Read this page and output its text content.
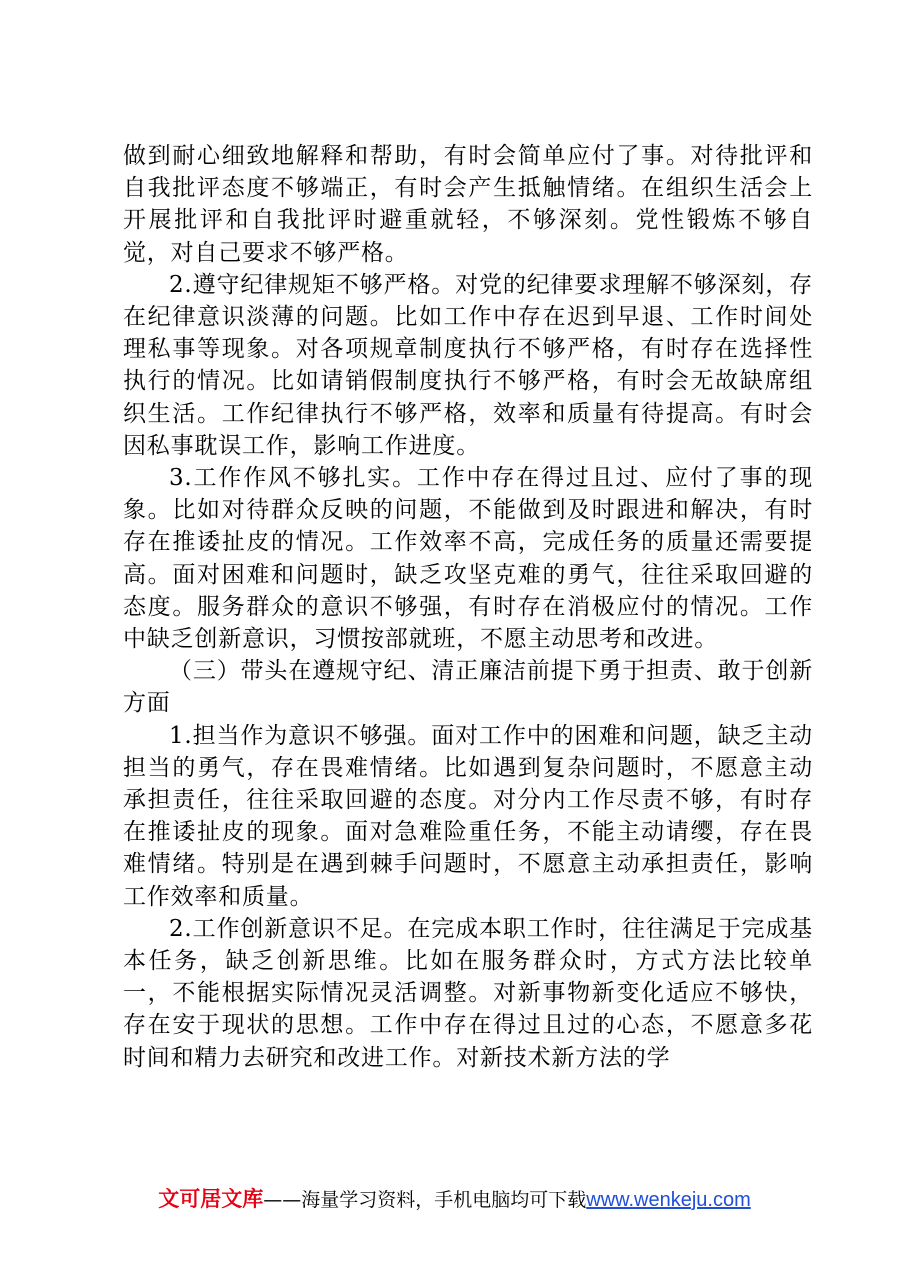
做到耐心细致地解释和帮助，有时会简单应付了事。对待批评和自我批评态度不够端正，有时会产生抵触情绪。在组织生活会上开展批评和自我批评时避重就轻，不够深刻。党性锻炼不够自觉，对自己要求不够严格。

2.遵守纪律规矩不够严格。对党的纪律要求理解不够深刻，存在纪律意识淡薄的问题。比如工作中存在迟到早退、工作时间处理私事等现象。对各项规章制度执行不够严格，有时存在选择性执行的情况。比如请销假制度执行不够严格，有时会无故缺席组织生活。工作纪律执行不够严格，效率和质量有待提高。有时会因私事耽误工作，影响工作进度。

3.工作作风不够扎实。工作中存在得过且过、应付了事的现象。比如对待群众反映的问题，不能做到及时跟进和解决，有时存在推诿扯皮的情况。工作效率不高，完成任务的质量还需要提高。面对困难和问题时，缺乏攻坚克难的勇气，往往采取回避的态度。服务群众的意识不够强，有时存在消极应付的情况。工作中缺乏创新意识，习惯按部就班，不愿主动思考和改进。

（三）带头在遵规守纪、清正廉洁前提下勇于担责、敢于创新方面

1.担当作为意识不够强。面对工作中的困难和问题，缺乏主动担当的勇气，存在畏难情绪。比如遇到复杂问题时，不愿意主动承担责任，往往采取回避的态度。对分内工作尽责不够，有时存在推诿扯皮的现象。面对急难险重任务，不能主动请缨，存在畏难情绪。特别是在遇到棘手问题时，不愿意主动承担责任，影响工作效率和质量。

2.工作创新意识不足。在完成本职工作时，往往满足于完成基本任务，缺乏创新思维。比如在服务群众时，方式方法比较单一，不能根据实际情况灵活调整。对新事物新变化适应不够快，存在安于现状的思想。工作中存在得过且过的心态，不愿意多花时间和精力去研究和改进工作。对新技术新方法的学

文可居文库——海量学习资料，手机电脑均可下载www.wenkeju.com
